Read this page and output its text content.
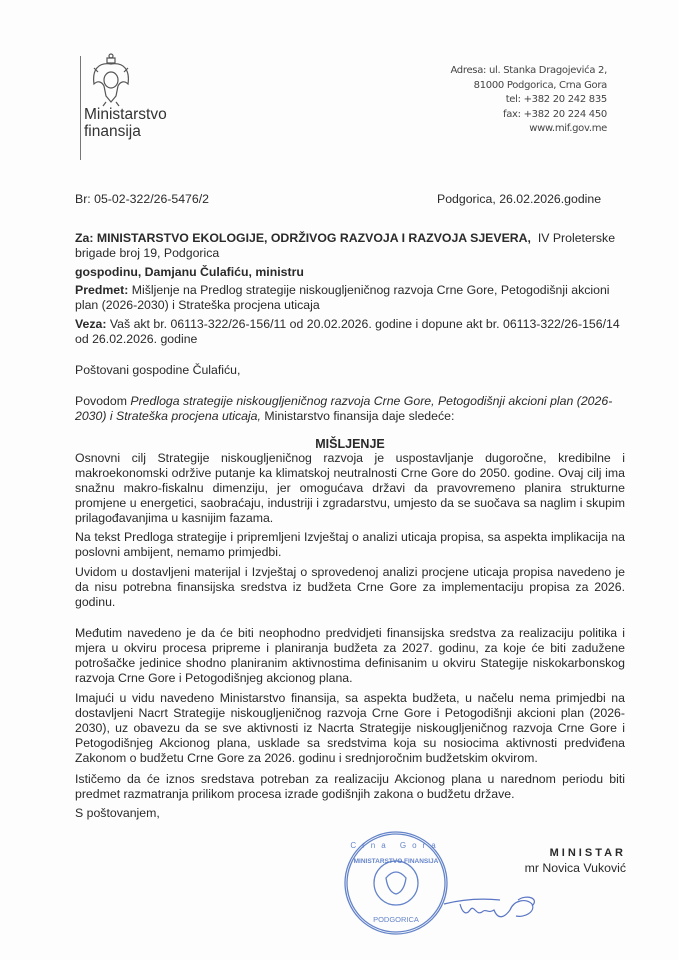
Ministarstvo
finansija
Adresa: ul. Stanka Dragojevića 2,
81000 Podgorica, Crna Gora
tel: +382 20 242 835
fax: +382 20 224 450
www.mif.gov.me
Br: 05-02-322/26-5476/2	Podgorica, 26.02.2026.godine
Za: MINISTARSTVO EKOLOGIJE, ODRŽIVOG RAZVOJA I RAZVOJA SJEVERA, IV Proleterske brigade broj 19, Podgorica
gospodinu, Damjanu Čulafiću, ministru
Predmet: Mišljenje na Predlog strategije niskougljeničnog razvoja Crne Gore, Petogodišnji akcioni plan (2026-2030) i Strateška procjena uticaja
Veza: Vaš akt br. 06113-322/26-156/11 od 20.02.2026. godine i dopune akt br. 06113-322/26-156/14 od 26.02.2026. godine
Poštovani gospodine Čulafiću,
Povodom Predloga strategije niskougljeničnog razvoja Crne Gore, Petogodišnji akcioni plan (2026-2030) i Strateška procjena uticaja, Ministarstvo finansija daje sledeće:
MIŠLJENJE
Osnovni cilj Strategije niskougljeničnog razvoja je uspostavljanje dugoročne, kredibilne i makroekonomski održive putanje ka klimatskoj neutralnosti Crne Gore do 2050. godine. Ovaj cilj ima snažnu makro-fiskalnu dimenziju, jer omogućava državi da pravovremeno planira strukturne promjene u energetici, saobraćaju, industriji i zgradarstvu, umjesto da se suočava sa naglim i skupim prilagođavanjima u kasnijim fazama.
Na tekst Predloga strategije i pripremljeni Izvještaj o analizi uticaja propisa, sa aspekta implikacija na poslovni ambijent, nemamo primjedbi.
Uvidom u dostavljeni materijal i Izvještaj o sprovedenoj analizi procjene uticaja propisa navedeno je da nisu potrebna finansijska sredstva iz budžeta Crne Gore za implementaciju propisa za 2026. godinu.
Međutim navedeno je da će biti neophodno predvidjeti finansijska sredstva za realizaciju politika i mjera u okviru procesa pripreme i planiranja budžeta za 2027. godinu, za koje će biti zadužene potrošačke jedinice shodno planiranim aktivnostima definisanim u okviru Stategije niskokarbonskog razvoja Crne Gore i Petogodišnjeg akcionog plana.
Imajući u vidu navedeno Ministarstvo finansija, sa aspekta budžeta, u načelu nema primjedbi na dostavljeni Nacrt Strategije niskougljeničnog razvoja Crne Gore i Petogodišnji akcioni plan (2026-2030), uz obavezu da se sve aktivnosti iz Nacrta Strategije niskougljeničnog razvoja Crne Gore i Petogodišnjeg Akcionog plana, usklade sa sredstvima koja su nosiocima aktivnosti predviđena Zakonom o budžetu Crne Gore za 2026. godinu i srednjoročnim budžetskim okvirom.
Ističemo da će iznos sredstava potreban za realizaciju Akcionog plana u narednom periodu biti predmet razmatranja prilikom procesa izrade godišnjih zakona o budžetu države.
S poštovanjem,
Crna Gora
MINISTARSTVO FINANSIJA
PODGORICA
MINISTAR
mr Novica Vuković
